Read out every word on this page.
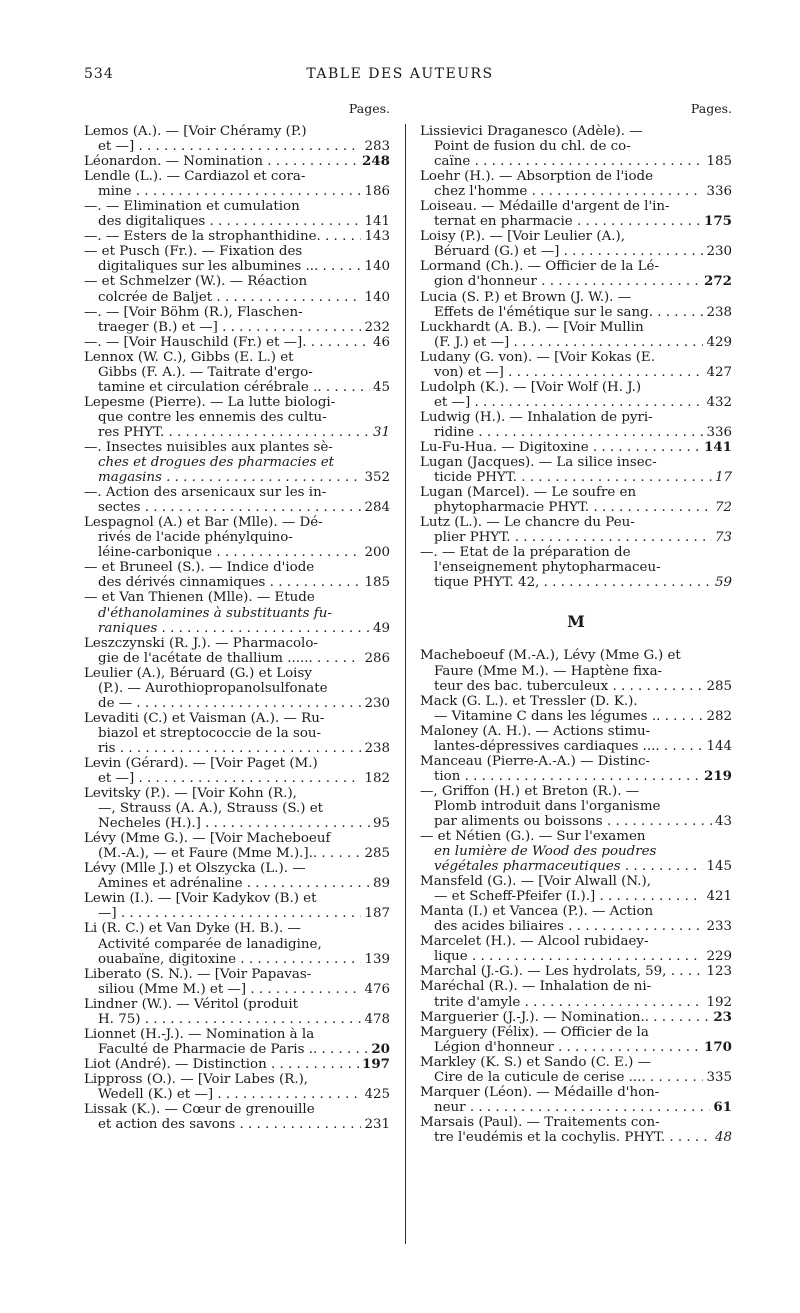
TABLE DES AUTEURS
534
Pages.
Lemos (A.). — [Voir Chéramy (P.)
et —] . . .	283
Léonardon. — Nomination . . .	248
Lendle (L.). — Cardiazol et cora-
mine . . .	186
—. — Elimination et cumulation
des digitaliques . . .	141
—. — Esters de la strophanthidine. . . .	143
— et Pusch (Fr.). — Fixation des
digitaliques sur les albumines ... . . .	140
— et Schmelzer (W.). — Réaction
colcrée de Baljet . . .	140
—. — [Voir Böhm (R.), Flaschen-
traeger (B.) et —] . . .	232
—. — [Voir Hauschild (Fr.) et —]. . . .	46
Lennox (W. C.), Gibbs (E. L.) et
Gibbs (F. A.). — Taitrate d'ergo-
tamine et circulation cérébrale .. . . .	45
Lepesme (Pierre). — La lutte biologi-
que contre les ennemis des cultu-
res PHYT. . . .	31
—. Insectes nuisibles aux plantes sè-
ches et drogues des pharmacies et
magasins . . .	352
—. Action des arsenicaux sur les in-
sectes . . .	284
Lespagnol (A.) et Bar (Mlle). — Dé-
rivés de l'acide phénylquino-
léine-carbonique . . .	200
— et Bruneel (S.). — Indice d'iode
des dérivés cinnamiques . . .	185
— et Van Thienen (Mlle). — Etude
d'éthanolamines à substituants fu-
raniques . . .	49
Leszczynski (R. J.). — Pharmacolo-
gie de l'acétate de thallium ...... . . .	286
Leulier (A.), Béruard (G.) et Loisy
(P.). — Aurothiopropanolsulfonate
de — . . .	230
Levaditi (C.) et Vaisman (A.). — Ru-
biazol et streptococcie de la sou-
ris . . .	238
Levin (Gérard). — [Voir Paget (M.)
et —] . . .	182
Levitsky (P.). — [Voir Kohn (R.),
—, Strauss (A. A.), Strauss (S.) et
Necheles (H.).] . . .	95
Lévy (Mme G.). — [Voir Macheboeuf
(M.-A.), — et Faure (Mme M.).].. . . .	285
Lévy (Mlle J.) et Olszycka (L.). —
Amines et adrénaline . . .	89
Lewin (I.). — [Voir Kadykov (B.) et
—] . . .	187
Li (R. C.) et Van Dyke (H. B.). —
Activité comparée de lanadigine,
ouabaïne, digitoxine . . .	139
Liberato (S. N.). — [Voir Papavas-
siliou (Mme M.) et —] . . .	476
Lindner (W.). — Véritol (produit
H. 75) . . .	478
Lionnet (H.-J.). — Nomination à la
Faculté de Pharmacie de Paris .. . . .	20
Liot (André). — Distinction . . .	197
Lippross (O.). — [Voir Labes (R.),
Wedell (K.) et —] . . .	425
Lissak (K.). — Cœur de grenouille
et action des savons . . .	231
Pages.
Lissievici Draganesco (Adèle). —
Point de fusion du chl. de co-
caïne . . .	185
Loehr (H.). — Absorption de l'iode
chez l'homme . . .	336
Loiseau. — Médaille d'argent de l'in-
ternat en pharmacie . . .	175
Loisy (P.). — [Voir Leulier (A.),
Béruard (G.) et —] . . .	230
Lormand (Ch.). — Officier de la Lé-
gion d'honneur . . .	272
Lucia (S. P.) et Brown (J. W.). —
Effets de l'émétique sur le sang. . . .	238
Luckhardt (A. B.). — [Voir Mullin
(F. J.) et —] . . .	429
Ludany (G. von). — [Voir Kokas (E.
von) et —] . . .	427
Ludolph (K.). — [Voir Wolf (H. J.)
et —] . . .	432
Ludwig (H.). — Inhalation de pyri-
ridine . . .	336
Lu-Fu-Hua. — Digitoxine . . .	141
Lugan (Jacques). — La silice insec-
ticide PHYT. . . .	17
Lugan (Marcel). — Le soufre en
phytopharmacie PHYT. . . .	72
Lutz (L.). — Le chancre du Peu-
plier PHYT. . . .	73
—. — Etat de la préparation de
l'enseignement phytopharmaceu-
tique PHYT. 42, . . .	59
M
Macheboeuf (M.-A.), Lévy (Mme G.) et
Faure (Mme M.). — Haptène fixa-
teur des bac. tuberculeux . . .	285
Mack (G. L.). et Tressler (D. K.).
— Vitamine C dans les légumes .. . . .	282
Maloney (A. H.). — Actions stimu-
lantes-dépressives cardiaques .... . . .	144
Manceau (Pierre-A.-A.) — Distinc-
tion . . .	219
—, Griffon (H.) et Breton (R.). —
Plomb introduit dans l'organisme
par aliments ou boissons . . .	43
— et Nétien (G.). — Sur l'examen
en lumière de Wood des poudres
végétales pharmaceutiques . . .	145
Mansfeld (G.). — [Voir Alwall (N.),
— et Scheff-Pfeifer (I.).] . . .	421
Manta (I.) et Vancea (P.). — Action
des acides biliaires . . .	233
Marcelet (H.). — Alcool rubidaey-
lique . . .	229
Marchal (J.-G.). — Les hydrolats, 59, . . .	123
Maréchal (R.). — Inhalation de ni-
trite d'amyle . . .	192
Marguerier (J.-J.). — Nomination.. . . .	23
Marguery (Félix). — Officier de la
Légion d'honneur . . .	170
Markley (K. S.) et Sando (C. E.) —
Cire de la cuticule de cerise .... . . .	335
Marquer (Léon). — Médaille d'hon-
neur . . .	61
Marsais (Paul). — Traitements con-
tre l'eudémis et la cochylis. PHYT. . . .	48
